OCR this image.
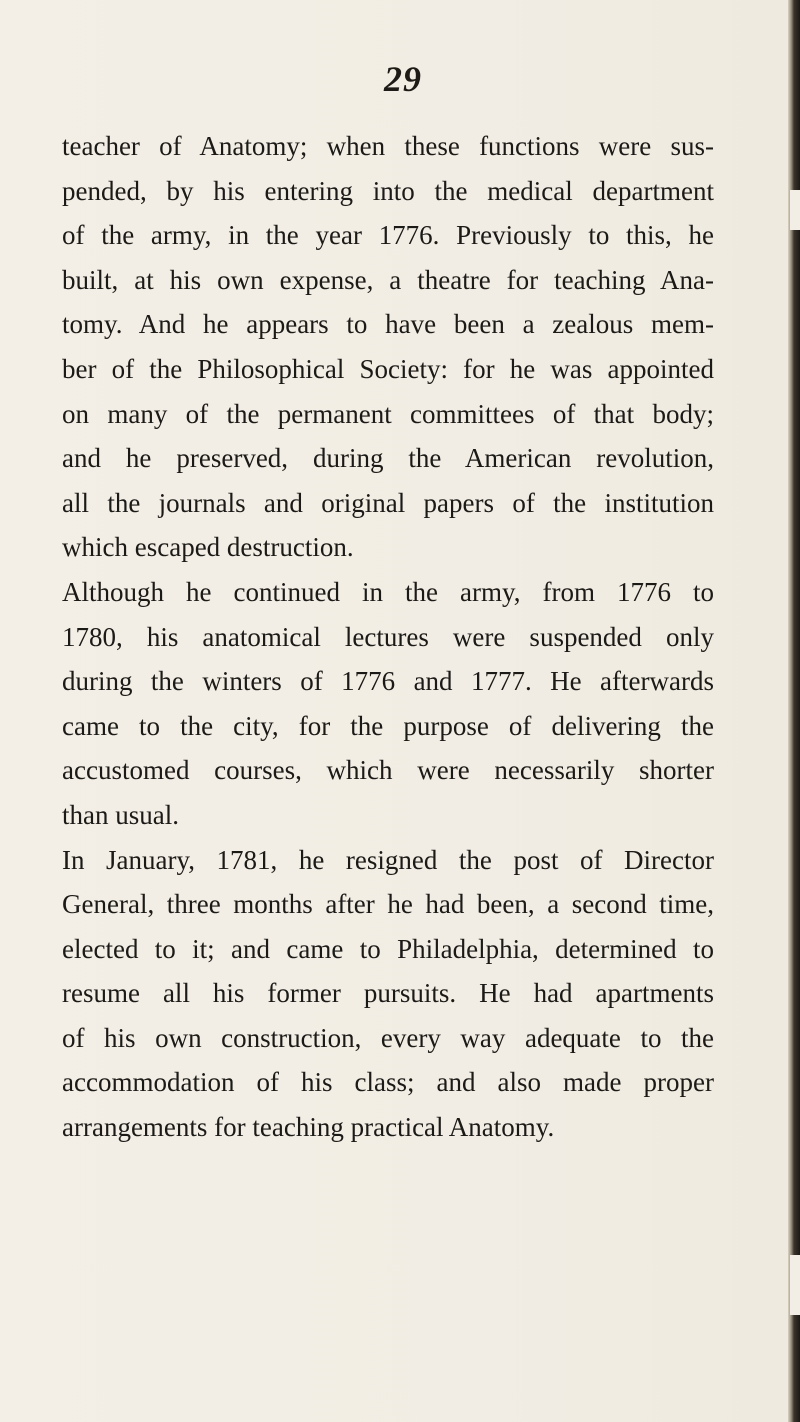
29
teacher of Anatomy; when these functions were sus-
pended, by his entering into the medical department
of the army, in the year 1776. Previously to this, he
built, at his own expense, a theatre for teaching Ana-
tomy. And he appears to have been a zealous mem-
ber of the Philosophical Society: for he was appointed
on many of the permanent committees of that body;
and he preserved, during the American revolution,
all the journals and original papers of the institution
which escaped destruction.
Although he continued in the army, from 1776 to
1780, his anatomical lectures were suspended only
during the winters of 1776 and 1777. He afterwards
came to the city, for the purpose of delivering the
accustomed courses, which were necessarily shorter
than usual.
In January, 1781, he resigned the post of Director
General, three months after he had been, a second time,
elected to it; and came to Philadelphia, determined to
resume all his former pursuits. He had apartments
of his own construction, every way adequate to the
accommodation of his class; and also made proper
arrangements for teaching practical Anatomy.
